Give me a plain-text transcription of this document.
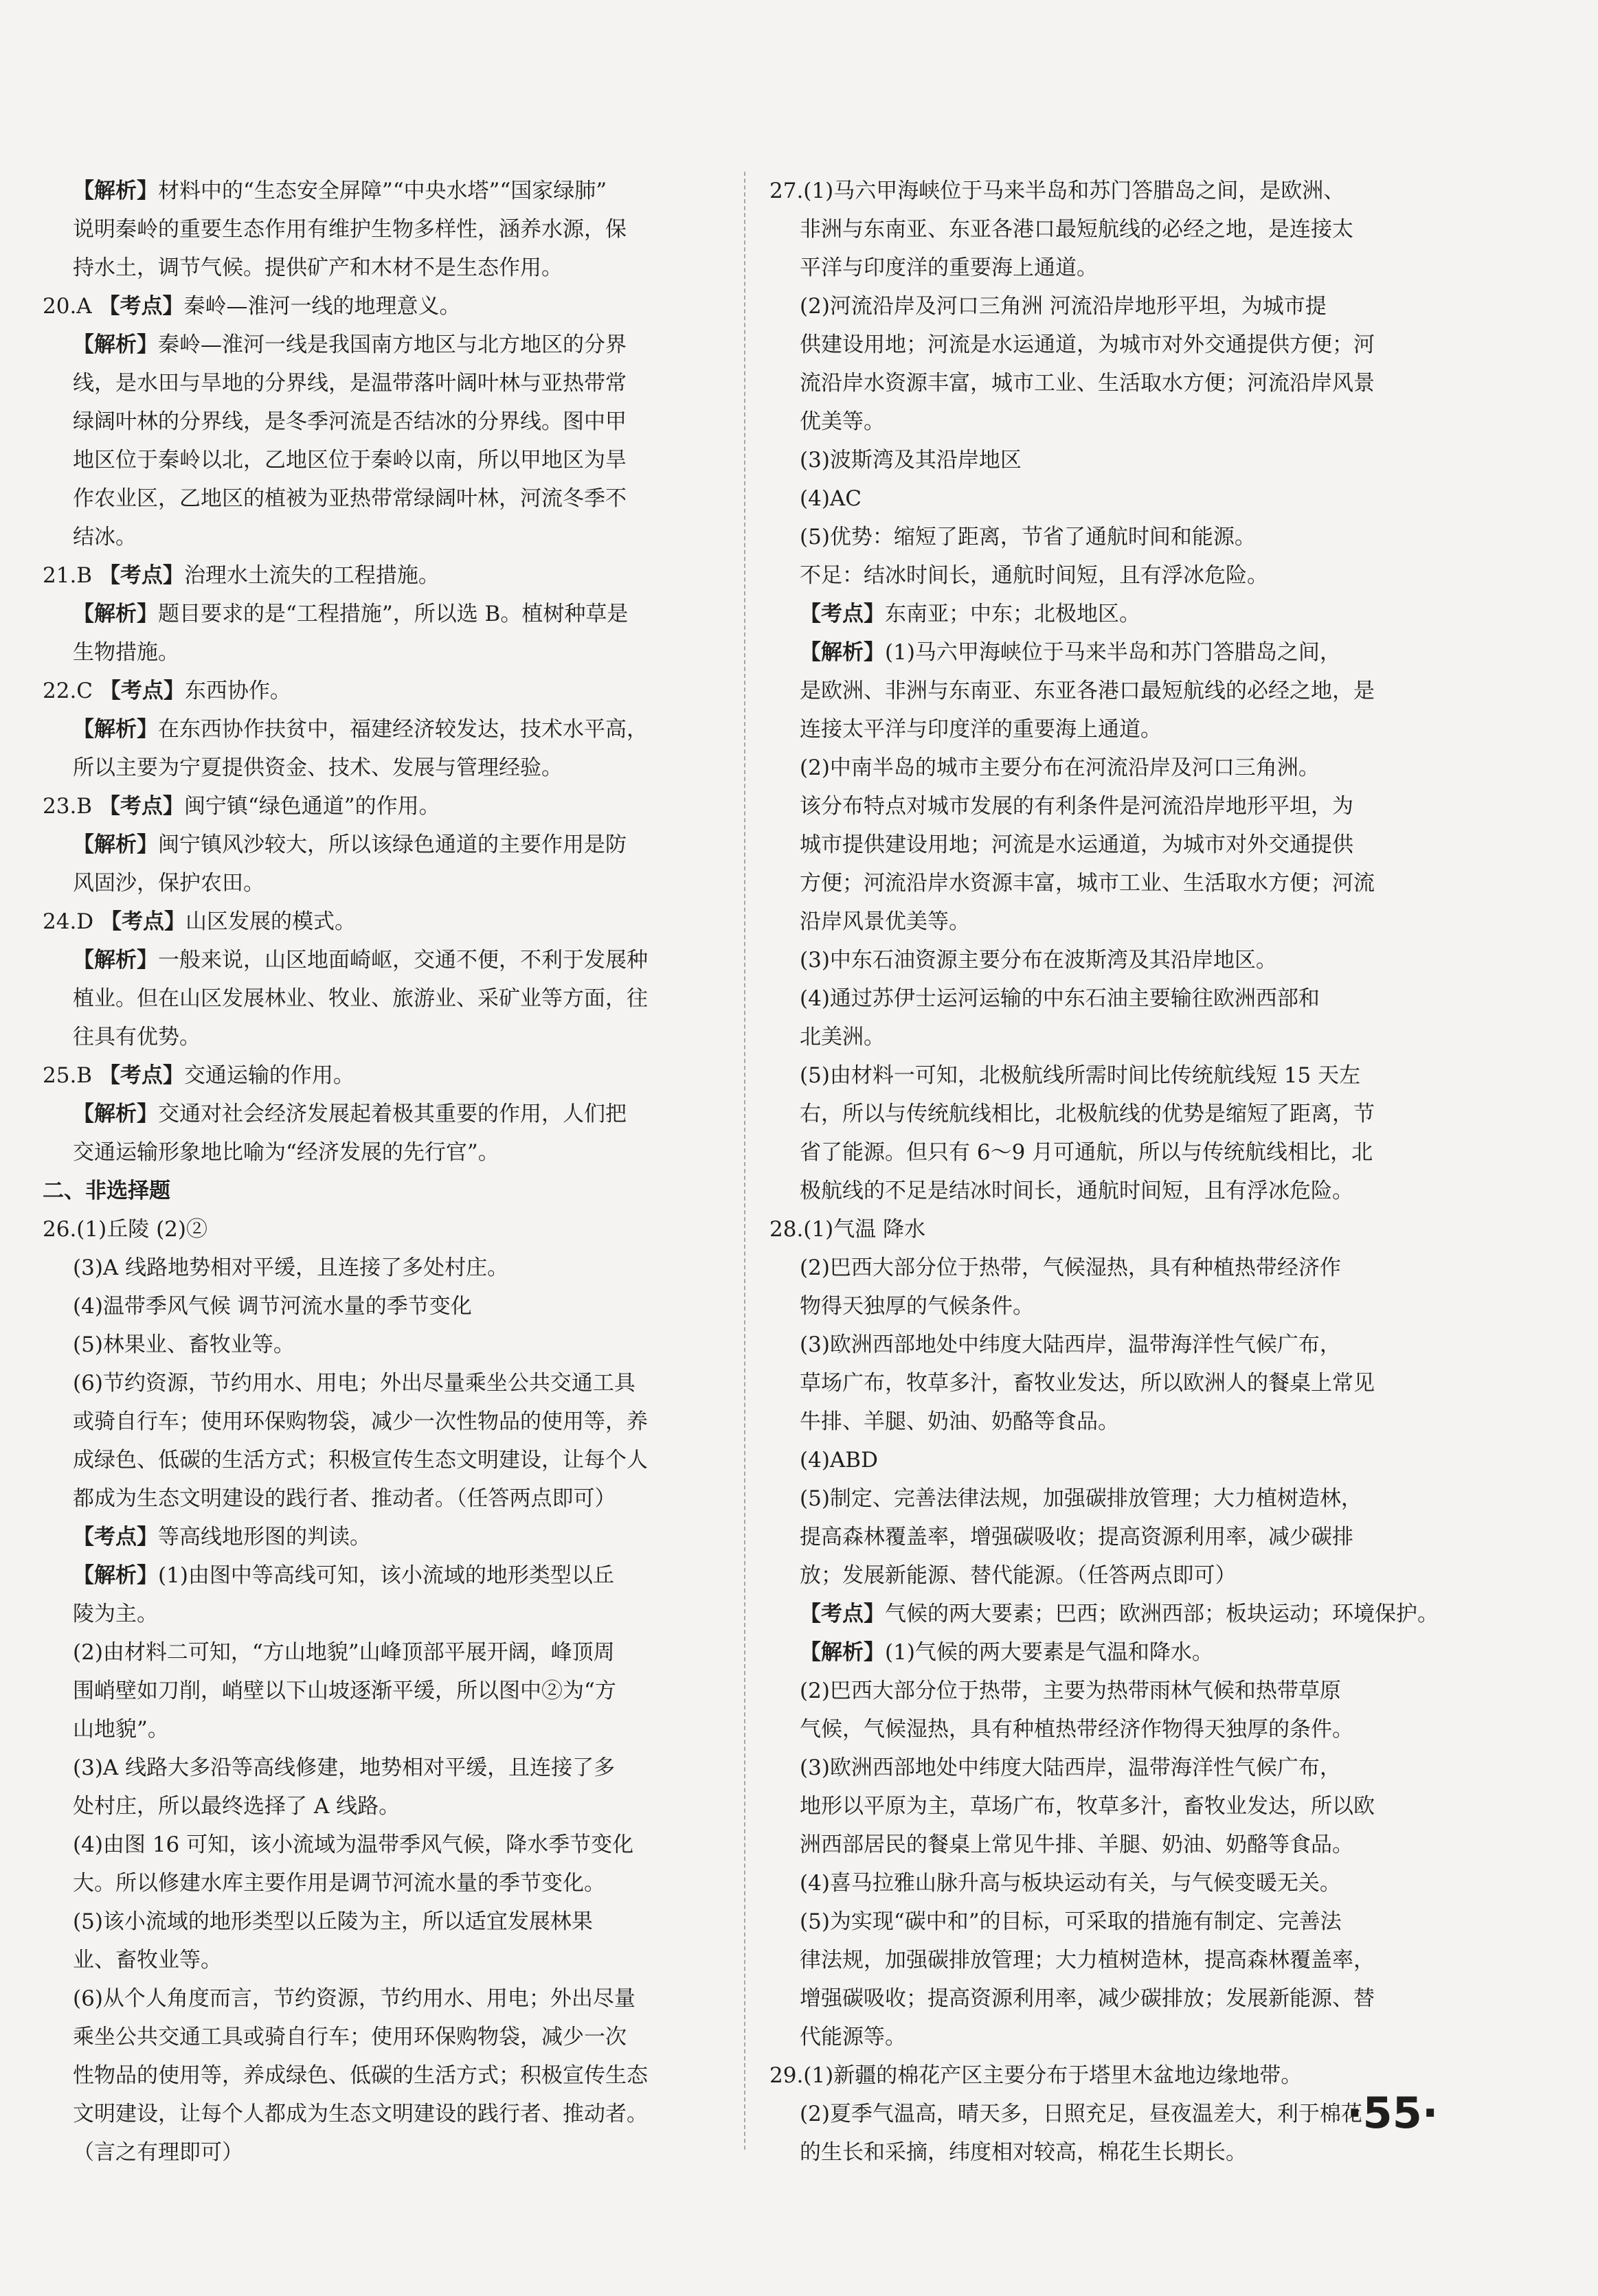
【解析】材料中的“生态安全屏障”“中央水塔”“国家绿肺”
说明秦岭的重要生态作用有维护生物多样性，涵养水源，保
持水土，调节气候。提供矿产和木材不是生态作用。
20.A 【考点】秦岭—淮河一线的地理意义。
【解析】秦岭—淮河一线是我国南方地区与北方地区的分界
线，是水田与旱地的分界线，是温带落叶阔叶林与亚热带常
绿阔叶林的分界线，是冬季河流是否结冰的分界线。图中甲
地区位于秦岭以北，乙地区位于秦岭以南，所以甲地区为旱
作农业区，乙地区的植被为亚热带常绿阔叶林，河流冬季不
结冰。
21.B 【考点】治理水土流失的工程措施。
【解析】题目要求的是“工程措施”，所以选 B。植树种草是
生物措施。
22.C 【考点】东西协作。
【解析】在东西协作扶贫中，福建经济较发达，技术水平高，
所以主要为宁夏提供资金、技术、发展与管理经验。
23.B 【考点】闽宁镇“绿色通道”的作用。
【解析】闽宁镇风沙较大，所以该绿色通道的主要作用是防
风固沙，保护农田。
24.D 【考点】山区发展的模式。
【解析】一般来说，山区地面崎岖，交通不便，不利于发展种
植业。但在山区发展林业、牧业、旅游业、采矿业等方面，往
往具有优势。
25.B 【考点】交通运输的作用。
【解析】交通对社会经济发展起着极其重要的作用，人们把
交通运输形象地比喻为“经济发展的先行官”。
二、非选择题
26.(1)丘陵 (2)②
(3)A 线路地势相对平缓，且连接了多处村庄。
(4)温带季风气候 调节河流水量的季节变化
(5)林果业、畜牧业等。
(6)节约资源，节约用水、用电；外出尽量乘坐公共交通工具
或骑自行车；使用环保购物袋，减少一次性物品的使用等，养
成绿色、低碳的生活方式；积极宣传生态文明建设，让每个人
都成为生态文明建设的践行者、推动者。（任答两点即可）
【考点】等高线地形图的判读。
【解析】(1)由图中等高线可知，该小流域的地形类型以丘
陵为主。
(2)由材料二可知，“方山地貌”山峰顶部平展开阔，峰顶周
围峭壁如刀削，峭壁以下山坡逐渐平缓，所以图中②为“方
山地貌”。
(3)A 线路大多沿等高线修建，地势相对平缓，且连接了多
处村庄，所以最终选择了 A 线路。
(4)由图 16 可知，该小流域为温带季风气候，降水季节变化
大。所以修建水库主要作用是调节河流水量的季节变化。
(5)该小流域的地形类型以丘陵为主，所以适宜发展林果
业、畜牧业等。
(6)从个人角度而言，节约资源，节约用水、用电；外出尽量
乘坐公共交通工具或骑自行车；使用环保购物袋，减少一次
性物品的使用等，养成绿色、低碳的生活方式；积极宣传生态
文明建设，让每个人都成为生态文明建设的践行者、推动者。
（言之有理即可）
27.(1)马六甲海峡位于马来半岛和苏门答腊岛之间，是欧洲、
非洲与东南亚、东亚各港口最短航线的必经之地，是连接太
平洋与印度洋的重要海上通道。
(2)河流沿岸及河口三角洲 河流沿岸地形平坦，为城市提
供建设用地；河流是水运通道，为城市对外交通提供方便；河
流沿岸水资源丰富，城市工业、生活取水方便；河流沿岸风景
优美等。
(3)波斯湾及其沿岸地区
(4)AC
(5)优势：缩短了距离，节省了通航时间和能源。
不足：结冰时间长，通航时间短，且有浮冰危险。
【考点】东南亚；中东；北极地区。
【解析】(1)马六甲海峡位于马来半岛和苏门答腊岛之间，
是欧洲、非洲与东南亚、东亚各港口最短航线的必经之地，是
连接太平洋与印度洋的重要海上通道。
(2)中南半岛的城市主要分布在河流沿岸及河口三角洲。
该分布特点对城市发展的有利条件是河流沿岸地形平坦，为
城市提供建设用地；河流是水运通道，为城市对外交通提供
方便；河流沿岸水资源丰富，城市工业、生活取水方便；河流
沿岸风景优美等。
(3)中东石油资源主要分布在波斯湾及其沿岸地区。
(4)通过苏伊士运河运输的中东石油主要输往欧洲西部和
北美洲。
(5)由材料一可知，北极航线所需时间比传统航线短 15 天左
右，所以与传统航线相比，北极航线的优势是缩短了距离，节
省了能源。但只有 6～9 月可通航，所以与传统航线相比，北
极航线的不足是结冰时间长，通航时间短，且有浮冰危险。
28.(1)气温 降水
(2)巴西大部分位于热带，气候湿热，具有种植热带经济作
物得天独厚的气候条件。
(3)欧洲西部地处中纬度大陆西岸，温带海洋性气候广布，
草场广布，牧草多汁，畜牧业发达，所以欧洲人的餐桌上常见
牛排、羊腿、奶油、奶酪等食品。
(4)ABD
(5)制定、完善法律法规，加强碳排放管理；大力植树造林，
提高森林覆盖率，增强碳吸收；提高资源利用率，减少碳排
放；发展新能源、替代能源。（任答两点即可）
【考点】气候的两大要素；巴西；欧洲西部；板块运动；环境保护。
【解析】(1)气候的两大要素是气温和降水。
(2)巴西大部分位于热带，主要为热带雨林气候和热带草原
气候，气候湿热，具有种植热带经济作物得天独厚的条件。
(3)欧洲西部地处中纬度大陆西岸，温带海洋性气候广布，
地形以平原为主，草场广布，牧草多汁，畜牧业发达，所以欧
洲西部居民的餐桌上常见牛排、羊腿、奶油、奶酪等食品。
(4)喜马拉雅山脉升高与板块运动有关，与气候变暖无关。
(5)为实现“碳中和”的目标，可采取的措施有制定、完善法
律法规，加强碳排放管理；大力植树造林，提高森林覆盖率，
增强碳吸收；提高资源利用率，减少碳排放；发展新能源、替
代能源等。
29.(1)新疆的棉花产区主要分布于塔里木盆地边缘地带。
(2)夏季气温高，晴天多，日照充足，昼夜温差大，利于棉花
的生长和采摘，纬度相对较高，棉花生长期长。
·55·
